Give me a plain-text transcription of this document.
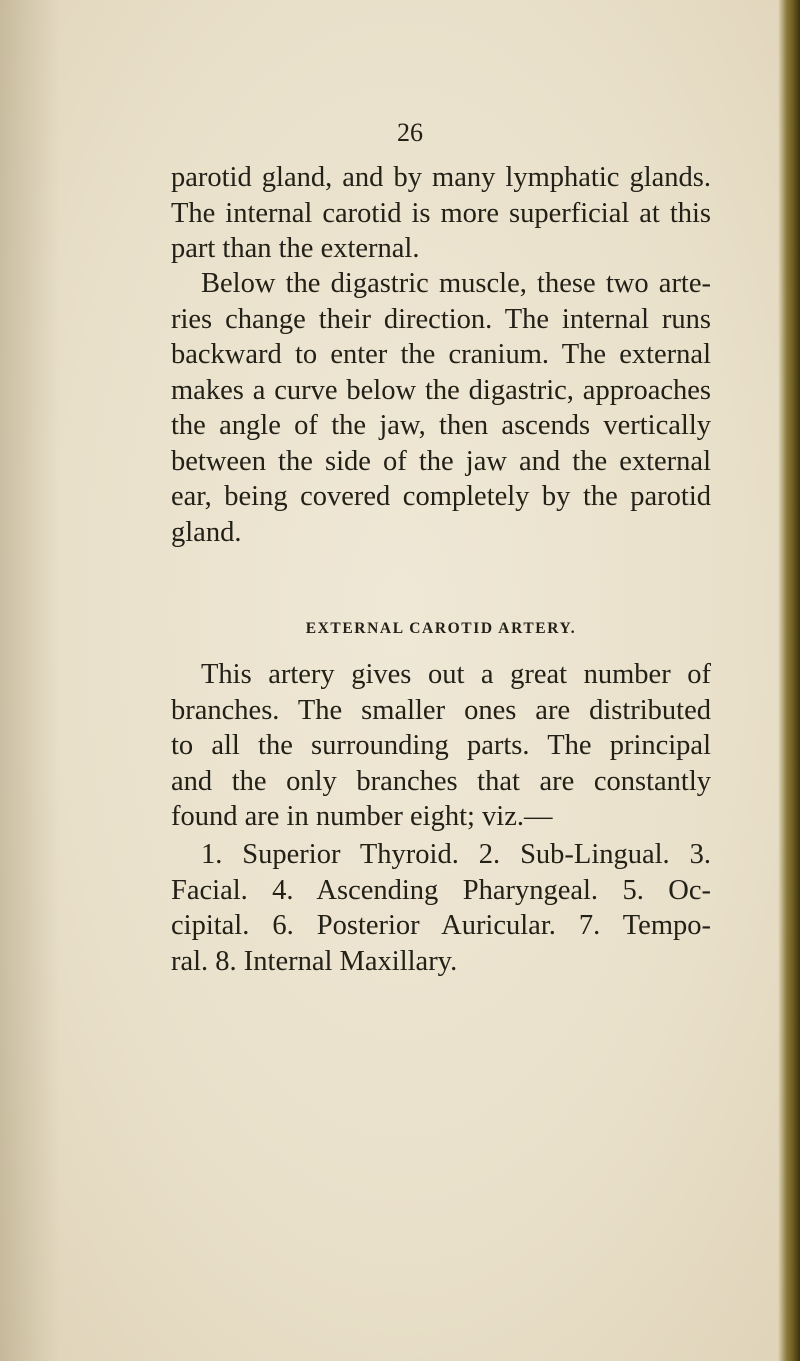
26
parotid gland, and by many lymphatic glands.
The internal carotid is more superficial at this
part than the external.
Below the digastric muscle, these two arte-
ries change their direction. The internal runs
backward to enter the cranium. The external
makes a curve below the digastric, approaches
the angle of the jaw, then ascends vertically
between the side of the jaw and the external
ear, being covered completely by the parotid
gland.
EXTERNAL CAROTID ARTERY.
This artery gives out a great number of
branches. The smaller ones are distributed
to all the surrounding parts. The principal
and the only branches that are constantly
found are in number eight; viz.—
1. Superior Thyroid. 2. Sub-Lingual. 3.
Facial. 4. Ascending Pharyngeal. 5. Oc-
cipital. 6. Posterior Auricular. 7. Tempo-
ral. 8. Internal Maxillary.
